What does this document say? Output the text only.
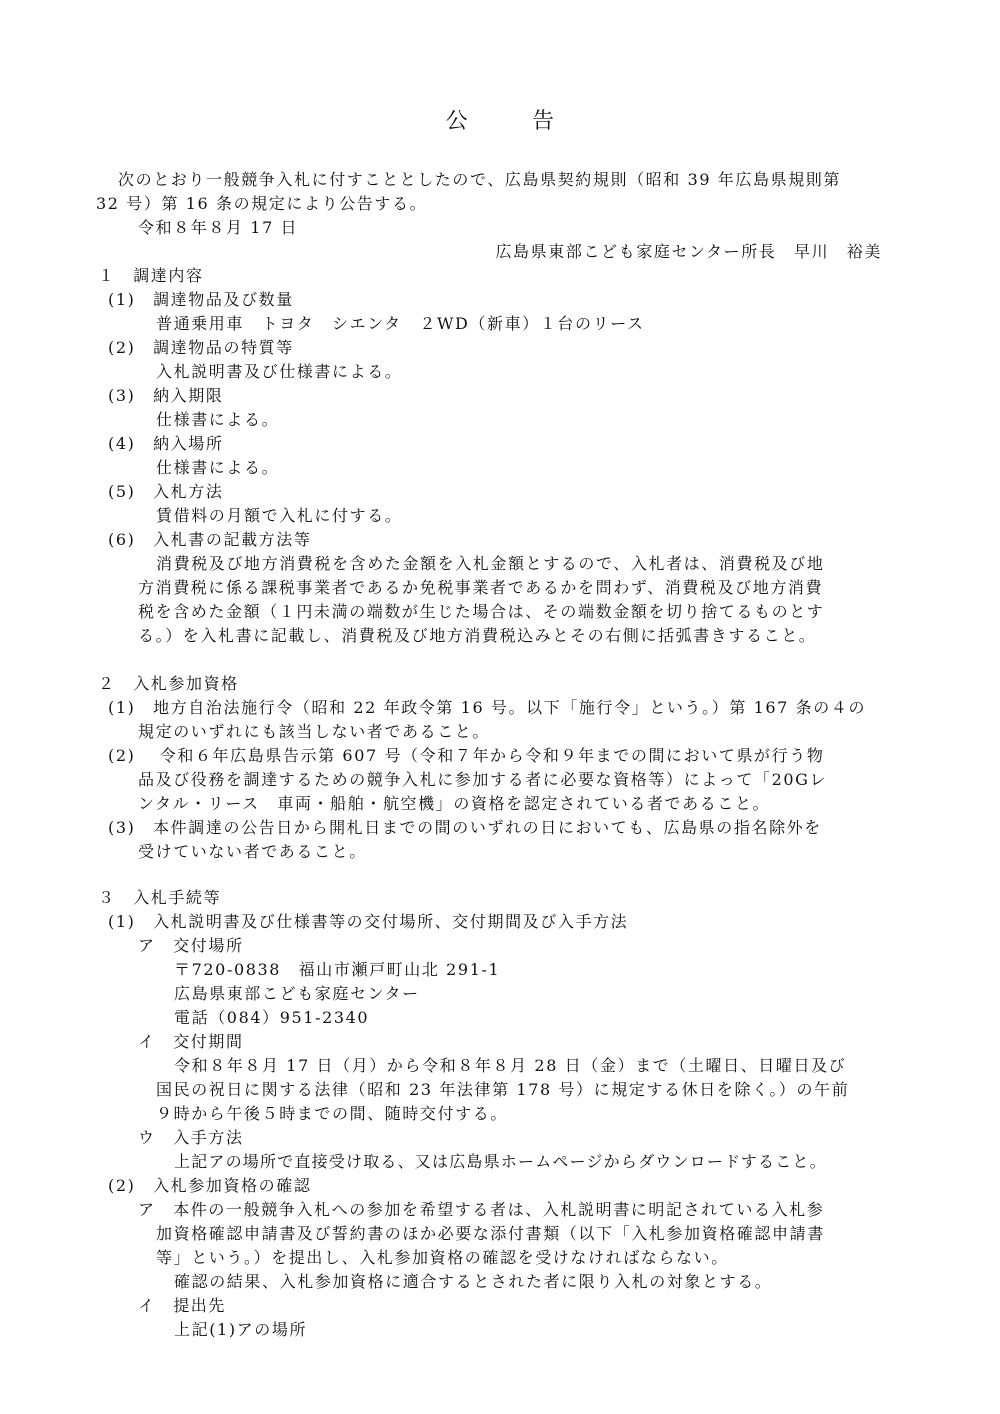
公	告
次のとおり一般競争入札に付すこととしたので、広島県契約規則（昭和 39 年広島県規則第
32 号）第 16 条の規定により公告する。
令和８年８月 17 日
広島県東部こども家庭センター所長　早川　裕美
１　調達内容
(1)　調達物品及び数量
普通乗用車　トヨタ　シエンタ　２WD（新車）１台のリース
(2)　調達物品の特質等
入札説明書及び仕様書による。
(3)　納入期限
仕様書による。
(4)　納入場所
仕様書による。
(5)　入札方法
賃借料の月額で入札に付する。
(6)　入札書の記載方法等
消費税及び地方消費税を含めた金額を入札金額とするので、入札者は、消費税及び地
方消費税に係る課税事業者であるか免税事業者であるかを問わず、消費税及び地方消費
税を含めた金額（１円未満の端数が生じた場合は、その端数金額を切り捨てるものとす
る。）を入札書に記載し、消費税及び地方消費税込みとその右側に括弧書きすること。
２　入札参加資格
(1)　地方自治法施行令（昭和 22 年政令第 16 号。以下「施行令」という。）第 167 条の４の
規定のいずれにも該当しない者であること。
(2)　 令和６年広島県告示第 607 号（令和７年から令和９年までの間において県が行う物
品及び役務を調達するための競争入札に参加する者に必要な資格等）によって「20Gレ
ンタル・リース　車両・船舶・航空機」の資格を認定されている者であること。
(3)　本件調達の公告日から開札日までの間のいずれの日においても、広島県の指名除外を
受けていない者であること。
３　入札手続等
(1)　入札説明書及び仕様書等の交付場所、交付期間及び入手方法
ア　交付場所
〒720-0838　福山市瀬戸町山北 291-1
広島県東部こども家庭センター
電話（084）951-2340
イ　交付期間
令和８年８月 17 日（月）から令和８年８月 28 日（金）まで（土曜日、日曜日及び
国民の祝日に関する法律（昭和 23 年法律第 178 号）に規定する休日を除く。）の午前
９時から午後５時までの間、随時交付する。
ウ　入手方法
上記アの場所で直接受け取る、又は広島県ホームページからダウンロードすること。
(2)　入札参加資格の確認
ア　本件の一般競争入札への参加を希望する者は、入札説明書に明記されている入札参
加資格確認申請書及び誓約書のほか必要な添付書類（以下「入札参加資格確認申請書
等」という。）を提出し、入札参加資格の確認を受けなければならない。
確認の結果、入札参加資格に適合するとされた者に限り入札の対象とする。
イ　提出先
上記(1)アの場所
